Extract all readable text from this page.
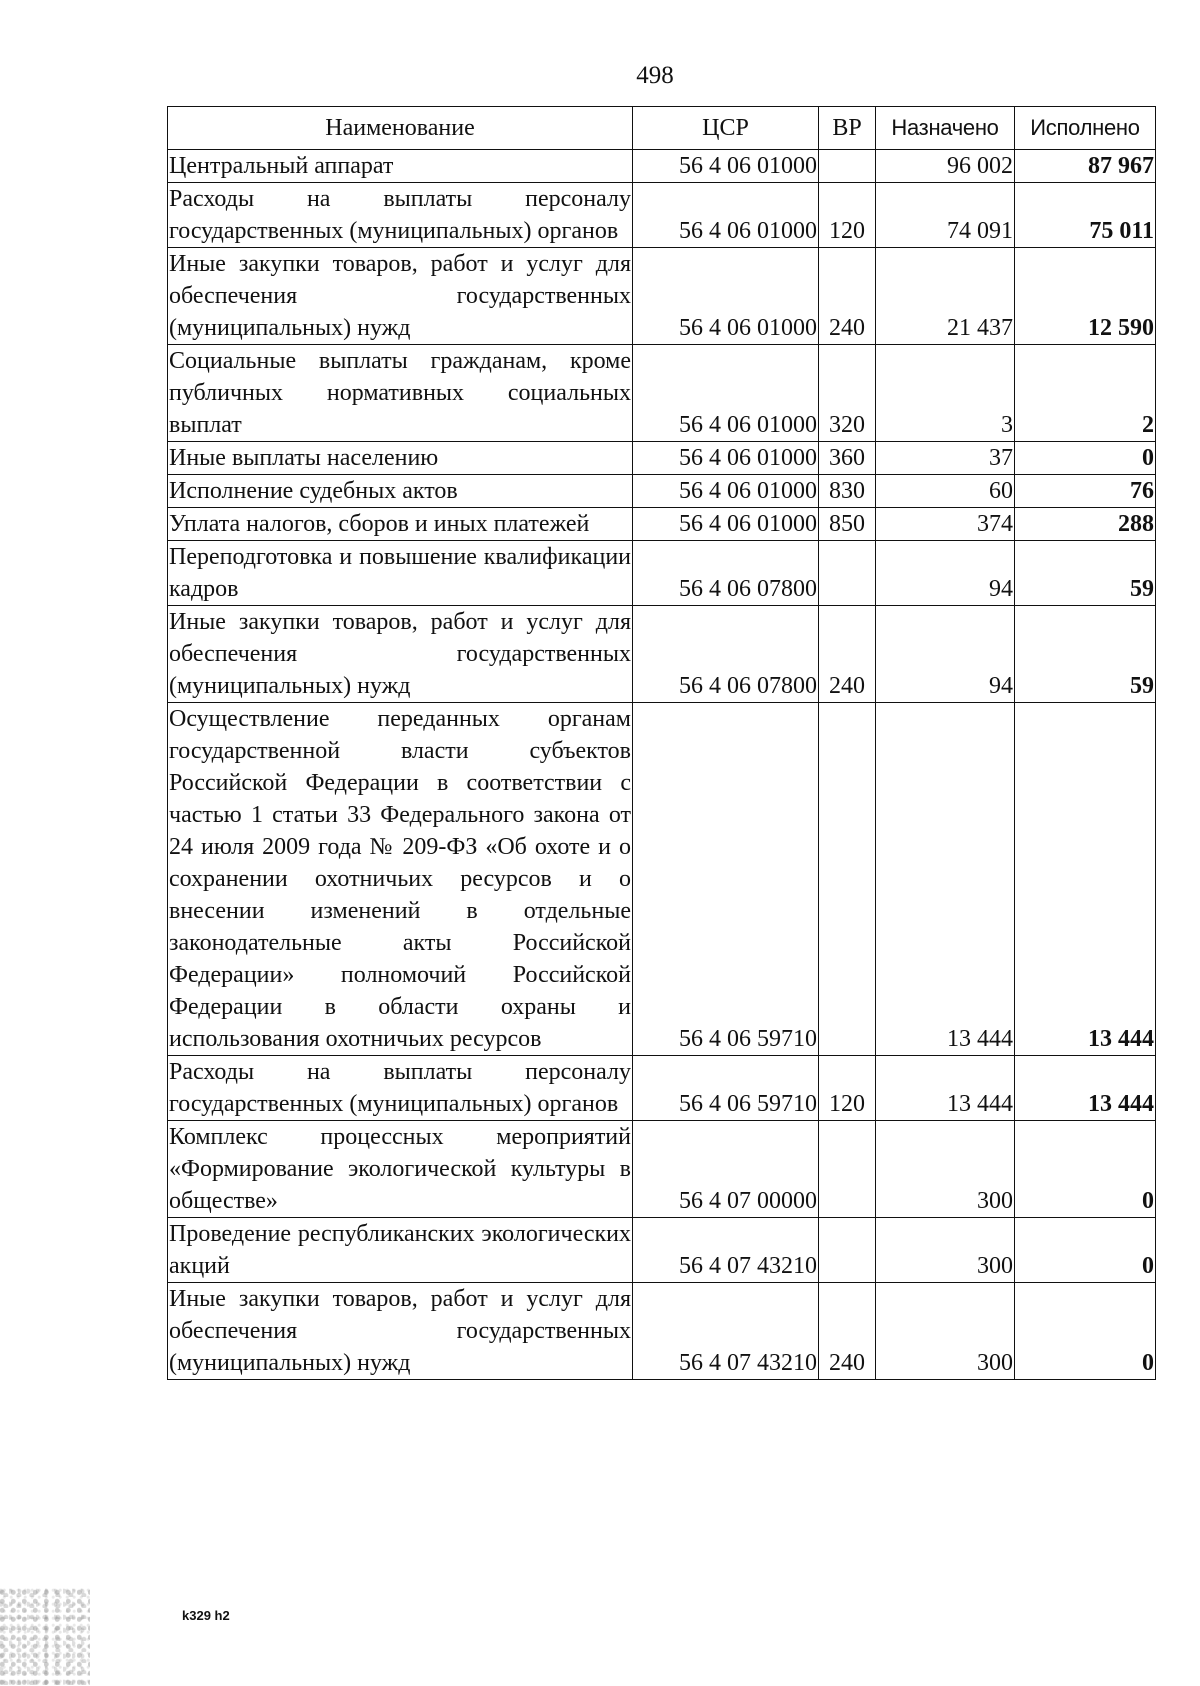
498
Наименование	ЦСР	ВР	Назначено	Исполнено
Центральный аппарат	56 4 06 01000		96 002	87 967
Расходы на выплаты персоналу государственных (муниципальных) органов	56 4 06 01000	120	74 091	75 011
Иные закупки товаров, работ и услуг для обеспечения государственных (муниципальных) нужд	56 4 06 01000	240	21 437	12 590
Социальные выплаты гражданам, кроме публичных нормативных социальных выплат	56 4 06 01000	320	3	2
Иные выплаты населению	56 4 06 01000	360	37	0
Исполнение судебных актов	56 4 06 01000	830	60	76
Уплата налогов, сборов и иных платежей	56 4 06 01000	850	374	288
Переподготовка и повышение квалификации кадров	56 4 06 07800		94	59
Иные закупки товаров, работ и услуг для обеспечения государственных (муниципальных) нужд	56 4 06 07800	240	94	59
Осуществление переданных органам государственной власти субъектов Российской Федерации в соответствии с частью 1 статьи 33 Федерального закона от 24 июля 2009 года № 209-ФЗ «Об охоте и о сохранении охотничьих ресурсов и о внесении изменений в отдельные законодательные акты Российской Федерации» полномочий Российской Федерации в области охраны и использования охотничьих ресурсов	56 4 06 59710		13 444	13 444
Расходы на выплаты персоналу государственных (муниципальных) органов	56 4 06 59710	120	13 444	13 444
Комплекс процессных мероприятий «Формирование экологической культуры в обществе»	56 4 07 00000		300	0
Проведение республиканских экологических акций	56 4 07 43210		300	0
Иные закупки товаров, работ и услуг для обеспечения государственных (муниципальных) нужд	56 4 07 43210	240	300	0
k329 h2
